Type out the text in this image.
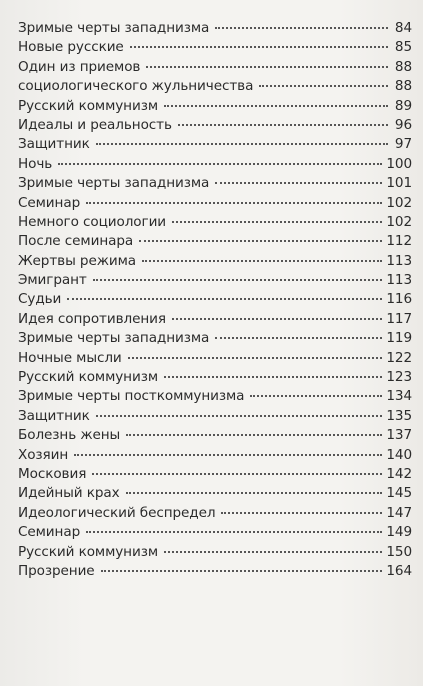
Зримые черты западнизма	84
Новые русские	85
Один из приемов	88
социологического жульничества	88
Русский коммунизм	89
Идеалы и реальность	96
Защитник	97
Ночь	100
Зримые черты западнизма	101
Семинар	102
Немного социологии	102
После семинара	112
Жертвы режима	113
Эмигрант	113
Судьи	116
Идея сопротивления	117
Зримые черты западнизма	119
Ночные мысли	122
Русский коммунизм	123
Зримые черты посткоммунизма	134
Защитник	135
Болезнь жены	137
Хозяин	140
Московия	142
Идейный крах	145
Идеологический беспредел	147
Семинар	149
Русский коммунизм	150
Прозрение	164
